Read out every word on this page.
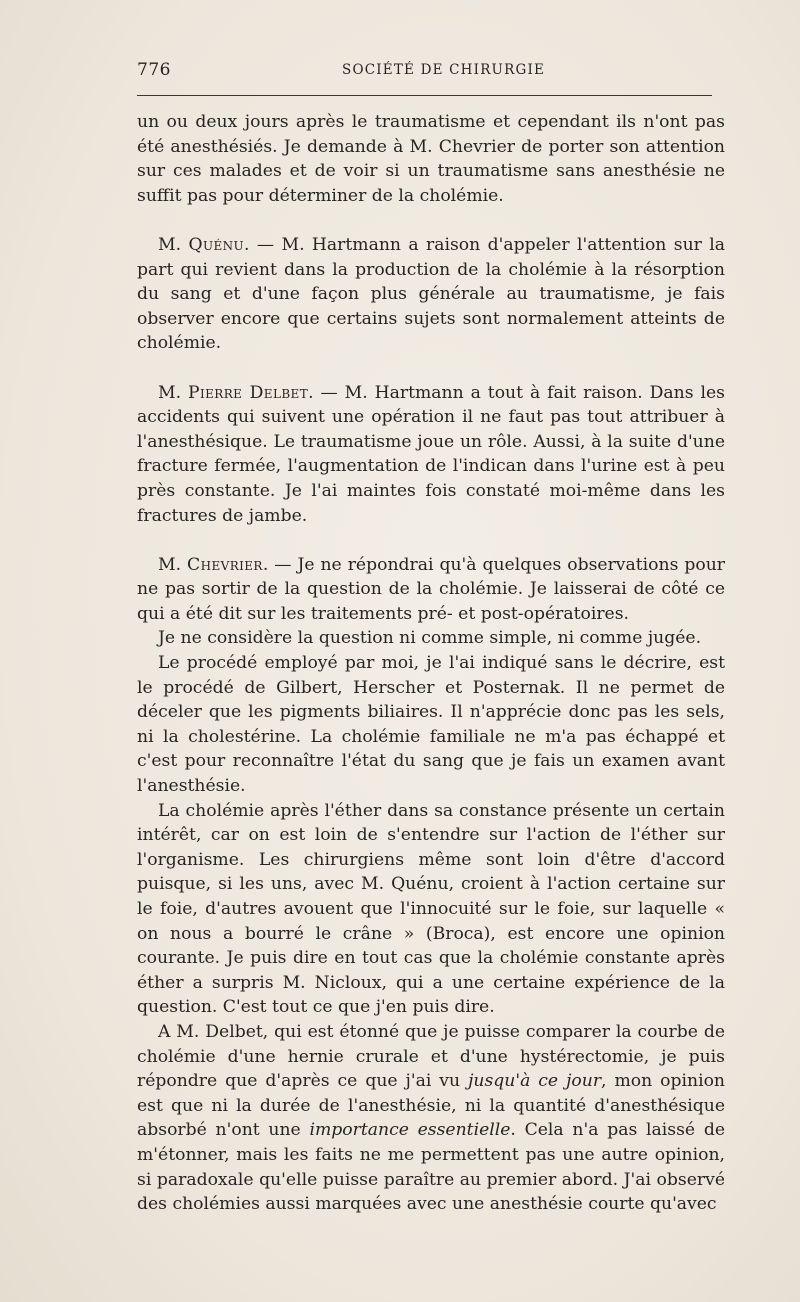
776	SOCIÉTÉ DE CHIRURGIE

un ou deux jours après le traumatisme et cependant ils n'ont pas été anesthésiés. Je demande à M. Chevrier de porter son attention sur ces malades et de voir si un traumatisme sans anesthésie ne suffit pas pour déterminer de la cholémie.

M. Quénu. — M. Hartmann a raison d'appeler l'attention sur la part qui revient dans la production de la cholémie à la résorption du sang et d'une façon plus générale au traumatisme, je fais observer encore que certains sujets sont normalement atteints de cholémie.

M. Pierre Delbet. — M. Hartmann a tout à fait raison. Dans les accidents qui suivent une opération il ne faut pas tout attribuer à l'anesthésique. Le traumatisme joue un rôle. Aussi, à la suite d'une fracture fermée, l'augmentation de l'indican dans l'urine est à peu près constante. Je l'ai maintes fois constaté moi-même dans les fractures de jambe.

M. Chevrier. — Je ne répondrai qu'à quelques observations pour ne pas sortir de la question de la cholémie. Je laisserai de côté ce qui a été dit sur les traitements pré- et post-opératoires.

Je ne considère la question ni comme simple, ni comme jugée.

Le procédé employé par moi, je l'ai indiqué sans le décrire, est le procédé de Gilbert, Herscher et Posternak. Il ne permet de déceler que les pigments biliaires. Il n'apprécie donc pas les sels, ni la cholestérine. La cholémie familiale ne m'a pas échappé et c'est pour reconnaître l'état du sang que je fais un examen avant l'anesthésie.

La cholémie après l'éther dans sa constance présente un certain intérêt, car on est loin de s'entendre sur l'action de l'éther sur l'organisme. Les chirurgiens même sont loin d'être d'accord puisque, si les uns, avec M. Quénu, croient à l'action certaine sur le foie, d'autres avouent que l'innocuité sur le foie, sur laquelle « on nous a bourré le crâne » (Broca), est encore une opinion courante. Je puis dire en tout cas que la cholémie constante après éther a surpris M. Nicloux, qui a une certaine expérience de la question. C'est tout ce que j'en puis dire.

A M. Delbet, qui est étonné que je puisse comparer la courbe de cholémie d'une hernie crurale et d'une hystérectomie, je puis répondre que d'après ce que j'ai vu jusqu'à ce jour, mon opinion est que ni la durée de l'anesthésie, ni la quantité d'anesthésique absorbé n'ont une importance essentielle. Cela n'a pas laissé de m'étonner, mais les faits ne me permettent pas une autre opinion, si paradoxale qu'elle puisse paraître au premier abord. J'ai observé des cholémies aussi marquées avec une anesthésie courte qu'avec
